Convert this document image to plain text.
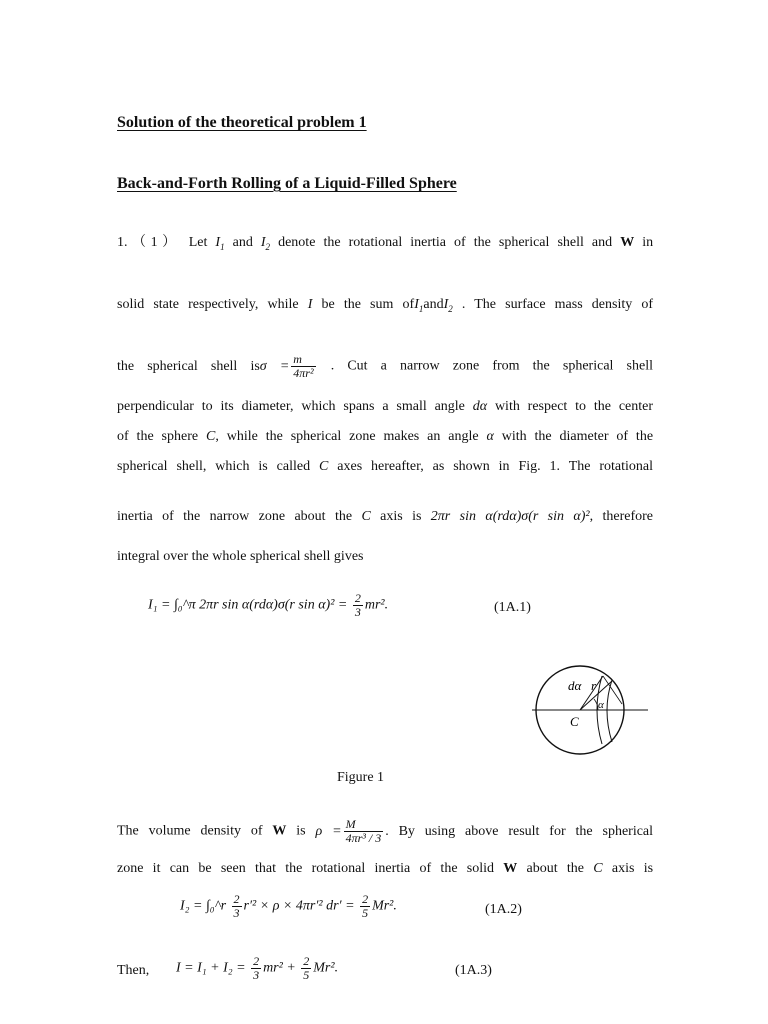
Solution of the theoretical problem 1
Back-and-Forth Rolling of a Liquid-Filled Sphere
1.（1） Let $I_1$ and $I_2$ denote the rotational inertia of the spherical shell and W in
solid state respectively, while I be the sum ofI$_1$andI$_2$ . The surface mass density of
the spherical shell $is\sigma = \frac{m}{\text{4πr²}}$ . Cut a narrow zone from the spherical shell
perpendicular to its diameter, which spans a small angle dα with respect to the center
of the sphere C, while the spherical zone makes an angle α with the diameter of the
spherical shell, which is called C axes hereafter, as shown in Fig. 1. The rotational
inertia of the narrow zone about the C axis is 2πr sin α(rdα)σ(r sin α)², therefore
integral over the whole spherical shell gives
I₁ = ∫₀^π 2πr sin α(rdα)σ(r $\sin \alpha)^2 = \frac{2}{3} mr^2$.	(1A.1)
dα r
α
C
Figure 1
The volume density of W is $\rho = \frac{M}{\text{4πr³ / 3}}$ . By using above result for the spherical
zone it can be seen that the rotational inertia of the solid W about the C axis is
I₂ = ∫₀^r $\frac{2}{3} r'^2 \times \rho \times 4\pi r'^2$ $dr' = \frac{2}{5} Mr^2$.	(1A.2)
Then, $I = I_1 + I_2 = \frac{2}{3} mr^2 + \frac{2}{5} Mr^2$.	(1A.3)
